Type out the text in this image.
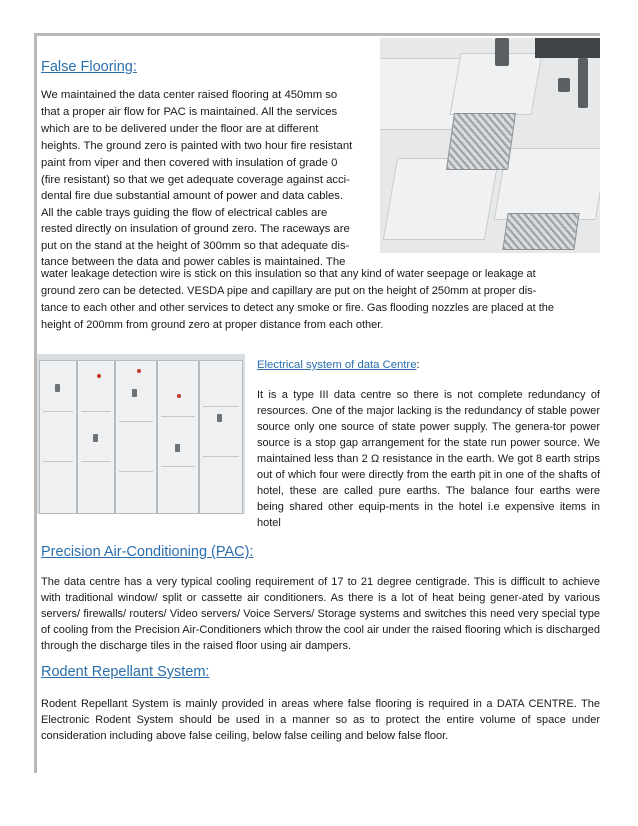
False Flooring:

We maintained the data center raised flooring at 450mm so

that a proper air flow for PAC is maintained. All the services

which are to be delivered under the floor are at different

heights. The ground zero is painted with two hour fire resistant

paint from viper and then covered with insulation of grade 0

(fire resistant) so that we get adequate coverage against acci-

dental fire due substantial amount of power and data cables.

All the cable trays guiding the flow of electrical cables are

rested directly on insulation of ground zero. The raceways are

put on the stand at the height of 300mm so that adequate dis-

tance between the data and power cables is maintained. The

water leakage detection wire is stick on this insulation so that any kind of water seepage or leakage at

ground zero can be detected. VESDA pipe and capillary are put on the height of 250mm at proper dis-

tance to each other and other services to detect any smoke or fire. Gas flooding nozzles are placed at the

height of 200mm from ground zero at proper distance from each other.

Electrical system of data Centre:

It is a type III data centre so there is not complete redundancy of resources. One of the major lacking is the redundancy of stable power source only one source of state power supply. The genera-tor power source is a stop gap arrangement for the state run power source. We maintained less than 2 Ω resistance in the earth. We got 8 earth strips out of which four were directly from the earth pit in one of the shafts of hotel, these are called pure earths. The balance four earths were being shared other equip-ments in the hotel i.e expensive items in hotel

Precision Air-Conditioning (PAC):

The data centre has a very typical cooling requirement of 17 to 21 degree centigrade. This is difficult to achieve with traditional window/ split or cassette air conditioners. As there is a lot of heat being gener-ated by various servers/ firewalls/ routers/ Video servers/ Voice Servers/ Storage systems and switches this need very special type of cooling from the Precision Air-Conditioners which throw the cool air under the raised flooring which is discharged through the discharge tiles in the raised floor using air dampers.

Rodent Repellant System:

Rodent Repellant System is mainly provided in areas where false flooring is required in a DATA CENTRE. The Electronic Rodent System should be used in a manner so as to protect the entire volume of space under consideration including above false ceiling, below false ceiling and below false floor.
